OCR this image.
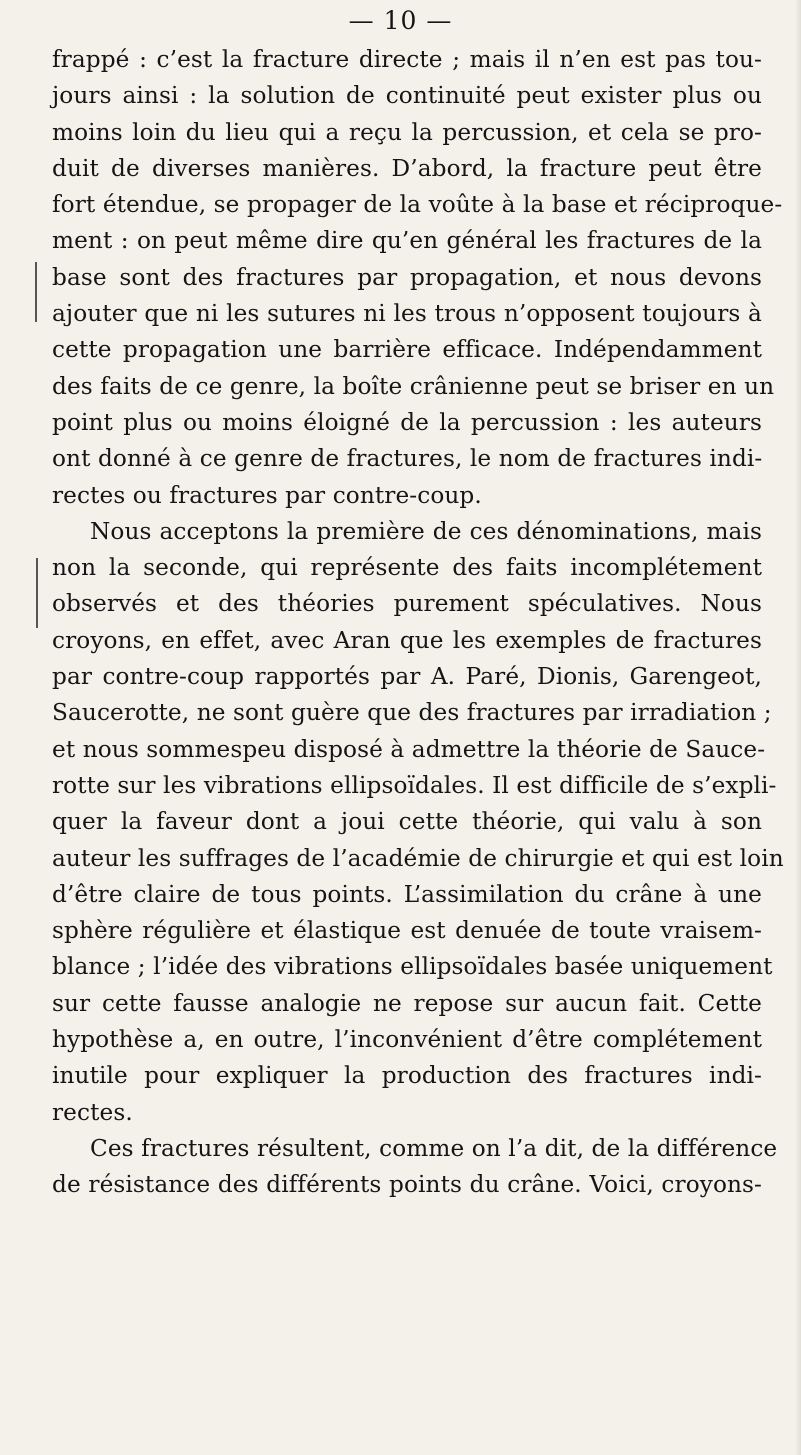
— 10 —
frappé : c’est la fracture directe ; mais il n’en est pas tou-
jours ainsi : la solution de continuité peut exister plus ou
moins loin du lieu qui a reçu la percussion, et cela se pro-
duit de diverses manières. D’abord, la fracture peut être
fort étendue, se propager de la voûte à la base et réciproque-
ment : on peut même dire qu’en général les fractures de la
base sont des fractures par propagation, et nous devons
ajouter que ni les sutures ni les trous n’opposent toujours à
cette propagation une barrière efficace. Indépendamment
des faits de ce genre, la boîte crânienne peut se briser en un
point plus ou moins éloigné de la percussion : les auteurs
ont donné à ce genre de fractures, le nom de fractures indi-
rectes ou fractures par contre-coup.
Nous acceptons la première de ces dénominations, mais
non la seconde, qui représente des faits incomplétement
observés et des théories purement spéculatives. Nous
croyons, en effet, avec Aran que les exemples de fractures
par contre-coup rapportés par A. Paré, Dionis, Garengeot,
Saucerotte, ne sont guère que des fractures par irradiation ;
et nous sommespeu disposé à admettre la théorie de Sauce-
rotte sur les vibrations ellipsoïdales. Il est difficile de s’expli-
quer la faveur dont a joui cette théorie, qui valu à son
auteur les suffrages de l’académie de chirurgie et qui est loin
d’être claire de tous points. L’assimilation du crâne à une
sphère régulière et élastique est denuée de toute vraisem-
blance ; l’idée des vibrations ellipsoïdales basée uniquement
sur cette fausse analogie ne repose sur aucun fait. Cette
hypothèse a, en outre, l’inconvénient d’être complétement
inutile pour expliquer la production des fractures indi-
rectes.
Ces fractures résultent, comme on l’a dit, de la différence
de résistance des différents points du crâne. Voici, croyons-
